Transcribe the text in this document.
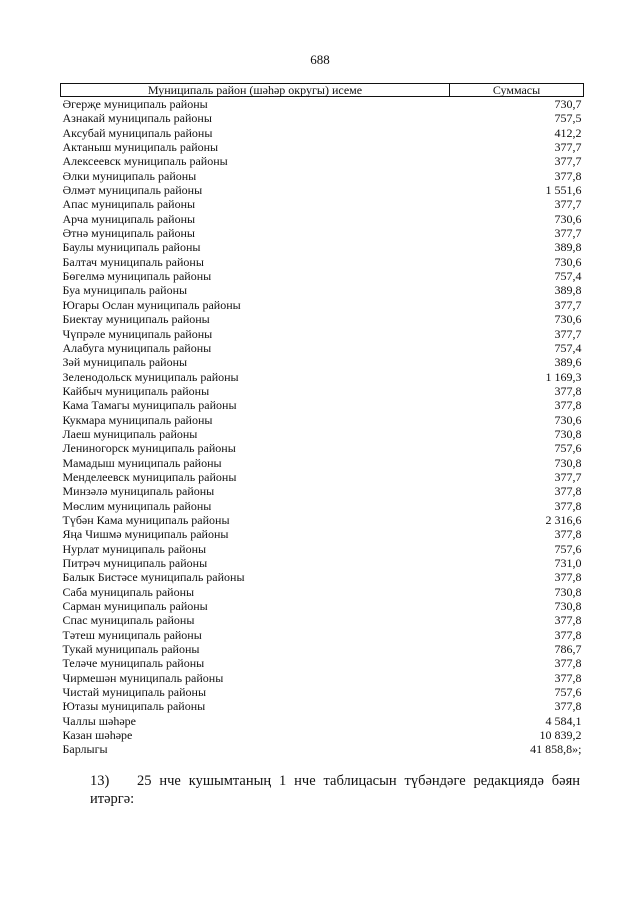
688
Муниципаль район (шәһәр округы) исеме	Суммасы
Әгерҗе муниципаль районы	730,7
Азнакай муниципаль районы	757,5
Аксубай муниципаль районы	412,2
Актаныш муниципаль районы	377,7
Алексеевск муниципаль районы	377,7
Әлки муниципаль районы	377,8
Әлмәт муниципаль районы	1 551,6
Апас муниципаль районы	377,7
Арча муниципаль районы	730,6
Әтнә муниципаль районы	377,7
Баулы муниципаль районы	389,8
Балтач муниципаль районы	730,6
Бөгелмә муниципаль районы	757,4
Буа муниципаль районы	389,8
Югары Ослан муниципаль районы	377,7
Биектау муниципаль районы	730,6
Чүпрәле муниципаль районы	377,7
Алабуга муниципаль районы	757,4
Зәй муниципаль районы	389,6
Зеленодольск муниципаль районы	1 169,3
Кайбыч муниципаль районы	377,8
Кама Тамагы муниципаль районы	377,8
Кукмара муниципаль районы	730,6
Лаеш муниципаль районы	730,8
Лениногорск муниципаль районы	757,6
Мамадыш муниципаль районы	730,8
Менделеевск муниципаль районы	377,7
Минзәлә муниципаль районы	377,8
Мөслим муниципаль районы	377,8
Түбән Кама муниципаль районы	2 316,6
Яңа Чишмә муниципаль районы	377,8
Нурлат муниципаль районы	757,6
Питрәч муниципаль районы	731,0
Балык Бистәсе муниципаль районы	377,8
Саба муниципаль районы	730,8
Сарман муниципаль районы	730,8
Спас муниципаль районы	377,8
Тәтеш муниципаль районы	377,8
Тукай муниципаль районы	786,7
Теләче муниципаль районы	377,8
Чирмешән муниципаль районы	377,8
Чистай муниципаль районы	757,6
Ютазы муниципаль районы	377,8
Чаллы шәһәре	4 584,1
Казан шәһәре	10 839,2
Барлыгы	41 858,8»;
13) 25 нче кушымтаның 1 нче таблицасын түбәндәге редакциядә бәян итәргә:
